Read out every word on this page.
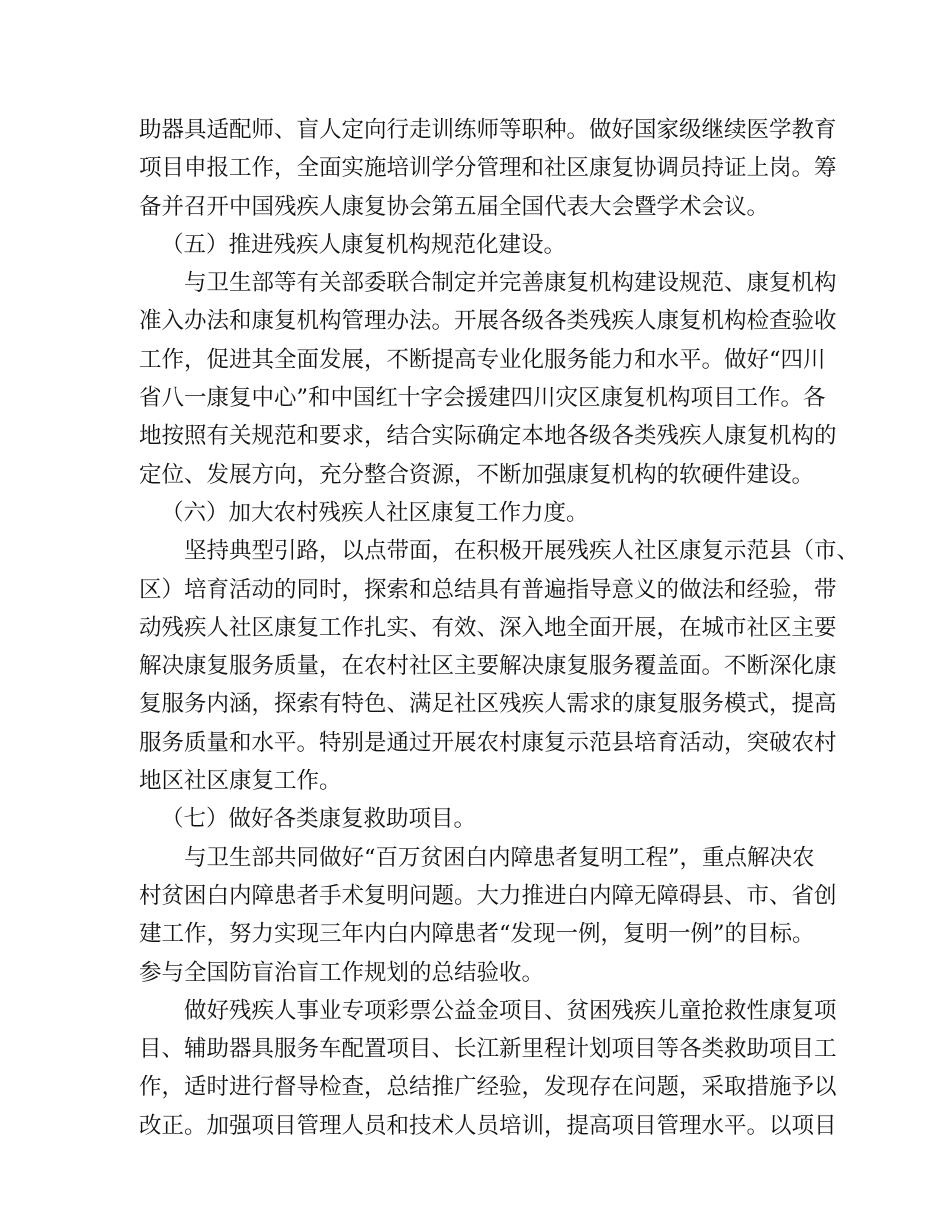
助器具适配师、盲人定向行走训练师等职种。做好国家级继续医学教育
项目申报工作，全面实施培训学分管理和社区康复协调员持证上岗。筹
备并召开中国残疾人康复协会第五届全国代表大会暨学术会议。
（五）推进残疾人康复机构规范化建设。
与卫生部等有关部委联合制定并完善康复机构建设规范、康复机构
准入办法和康复机构管理办法。开展各级各类残疾人康复机构检查验收
工作，促进其全面发展，不断提高专业化服务能力和水平。做好“四川
省八一康复中心”和中国红十字会援建四川灾区康复机构项目工作。各
地按照有关规范和要求，结合实际确定本地各级各类残疾人康复机构的
定位、发展方向，充分整合资源，不断加强康复机构的软硬件建设。
（六）加大农村残疾人社区康复工作力度。
坚持典型引路，以点带面，在积极开展残疾人社区康复示范县（市、
区）培育活动的同时，探索和总结具有普遍指导意义的做法和经验，带
动残疾人社区康复工作扎实、有效、深入地全面开展，在城市社区主要
解决康复服务质量，在农村社区主要解决康复服务覆盖面。不断深化康
复服务内涵，探索有特色、满足社区残疾人需求的康复服务模式，提高
服务质量和水平。特别是通过开展农村康复示范县培育活动，突破农村
地区社区康复工作。
（七）做好各类康复救助项目。
与卫生部共同做好“百万贫困白内障患者复明工程”，重点解决农
村贫困白内障患者手术复明问题。大力推进白内障无障碍县、市、省创
建工作，努力实现三年内白内障患者“发现一例，复明一例”的目标。
参与全国防盲治盲工作规划的总结验收。
做好残疾人事业专项彩票公益金项目、贫困残疾儿童抢救性康复项
目、辅助器具服务车配置项目、长江新里程计划项目等各类救助项目工
作，适时进行督导检查，总结推广经验，发现存在问题，采取措施予以
改正。加强项目管理人员和技术人员培训，提高项目管理水平。以项目
